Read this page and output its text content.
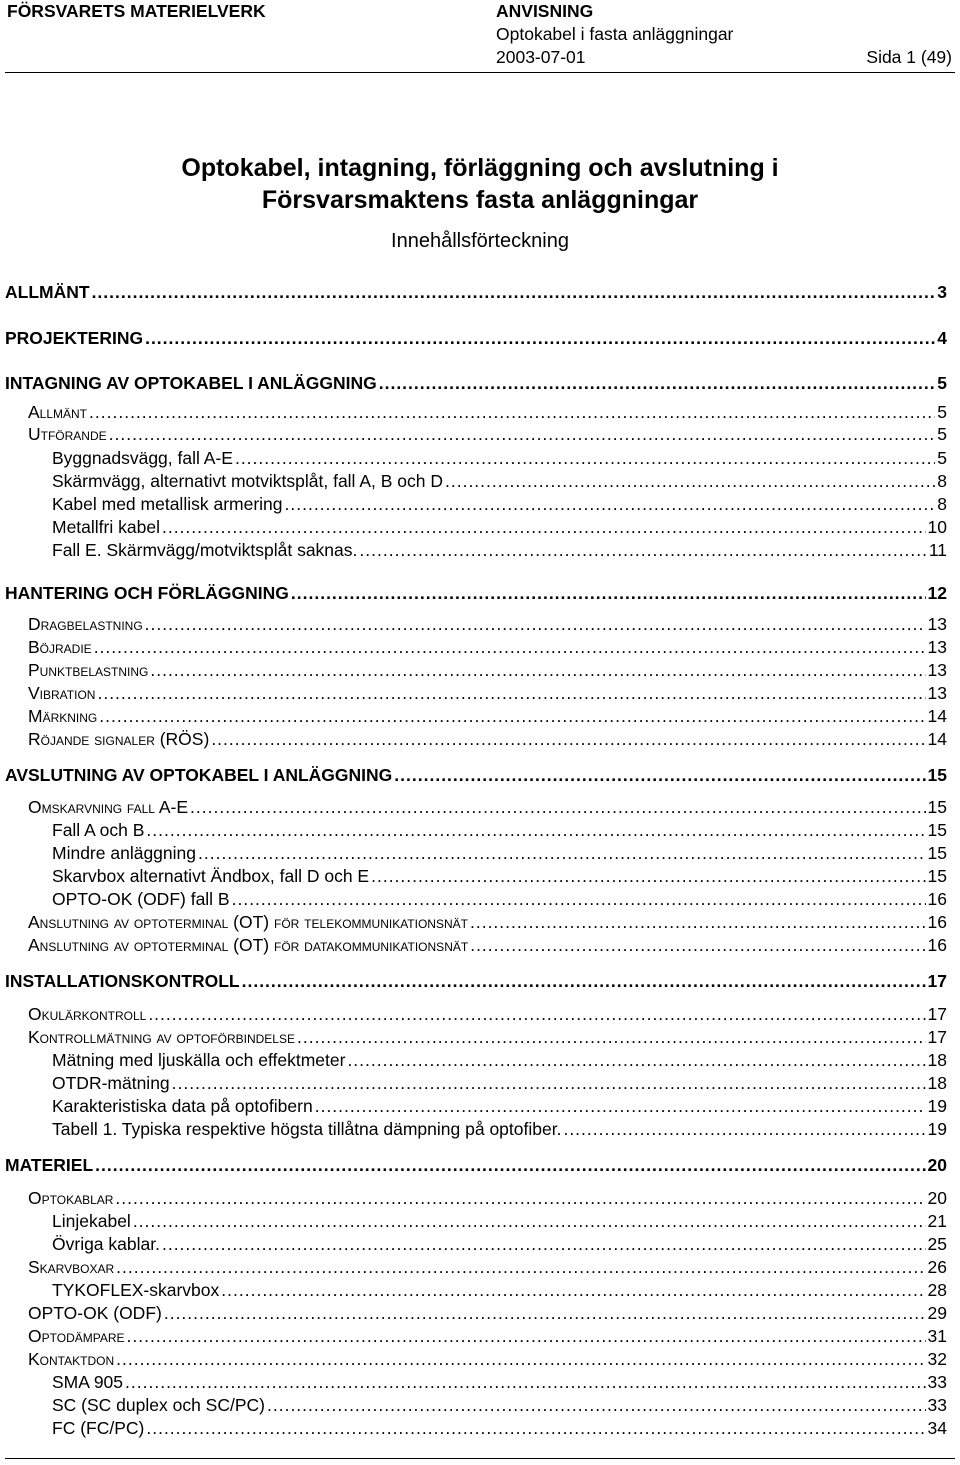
FÖRSVARETS MATERIELVERK	ANVISNING
Optokabel i fasta anläggningar
2003-07-01	Sida 1 (49)
Optokabel, intagning, förläggning och avslutning i
Försvarsmaktens fasta anläggningar
Innehållsförteckning
ALLMÄNT .....	3
PROJEKTERING .....	4
INTAGNING AV OPTOKABEL I ANLÄGGNING .....	5
Allmänt .....	5
Utförande .....	5
Byggnadsvägg, fall A-E .....	5
Skärmvägg, alternativt motviktsplåt, fall A, B och D .....	8
Kabel med metallisk armering .....	8
Metallfri kabel .....	10
Fall E. Skärmvägg/motviktsplåt saknas. .....	11
HANTERING OCH FÖRLÄGGNING .....	12
Dragbelastning .....	13
Böjradie .....	13
Punktbelastning .....	13
Vibration .....	13
Märkning .....	14
Röjande signaler (RÖS) .....	14
AVSLUTNING AV OPTOKABEL I ANLÄGGNING .....	15
Omskarvning fall A-E .....	15
Fall A och B .....	15
Mindre anläggning .....	15
Skarvbox alternativt Ändbox, fall D och E .....	15
OPTO-OK (ODF) fall B .....	16
Anslutning av optoterminal (OT) för telekommunikationsnät .....	16
Anslutning av optoterminal (OT) för datakommunikationsnät .....	16
INSTALLATIONSKONTROLL .....	17
Okulärkontroll .....	17
Kontrollmätning av optoförbindelse .....	17
Mätning med ljuskälla och effektmeter .....	18
OTDR-mätning .....	18
Karakteristiska data på optofibern .....	19
Tabell 1. Typiska respektive högsta tillåtna dämpning på optofiber. .....	19
MATERIEL .....	20
Optokablar .....	20
Linjekabel .....	21
Övriga kablar. .....	25
Skarvboxar .....	26
TYKOFLEX-skarvbox .....	28
OPTO-OK (ODF) .....	29
Optodämpare .....	31
Kontaktdon .....	32
SMA 905 .....	33
SC (SC duplex och SC/PC) .....	33
FC (FC/PC) .....	34
